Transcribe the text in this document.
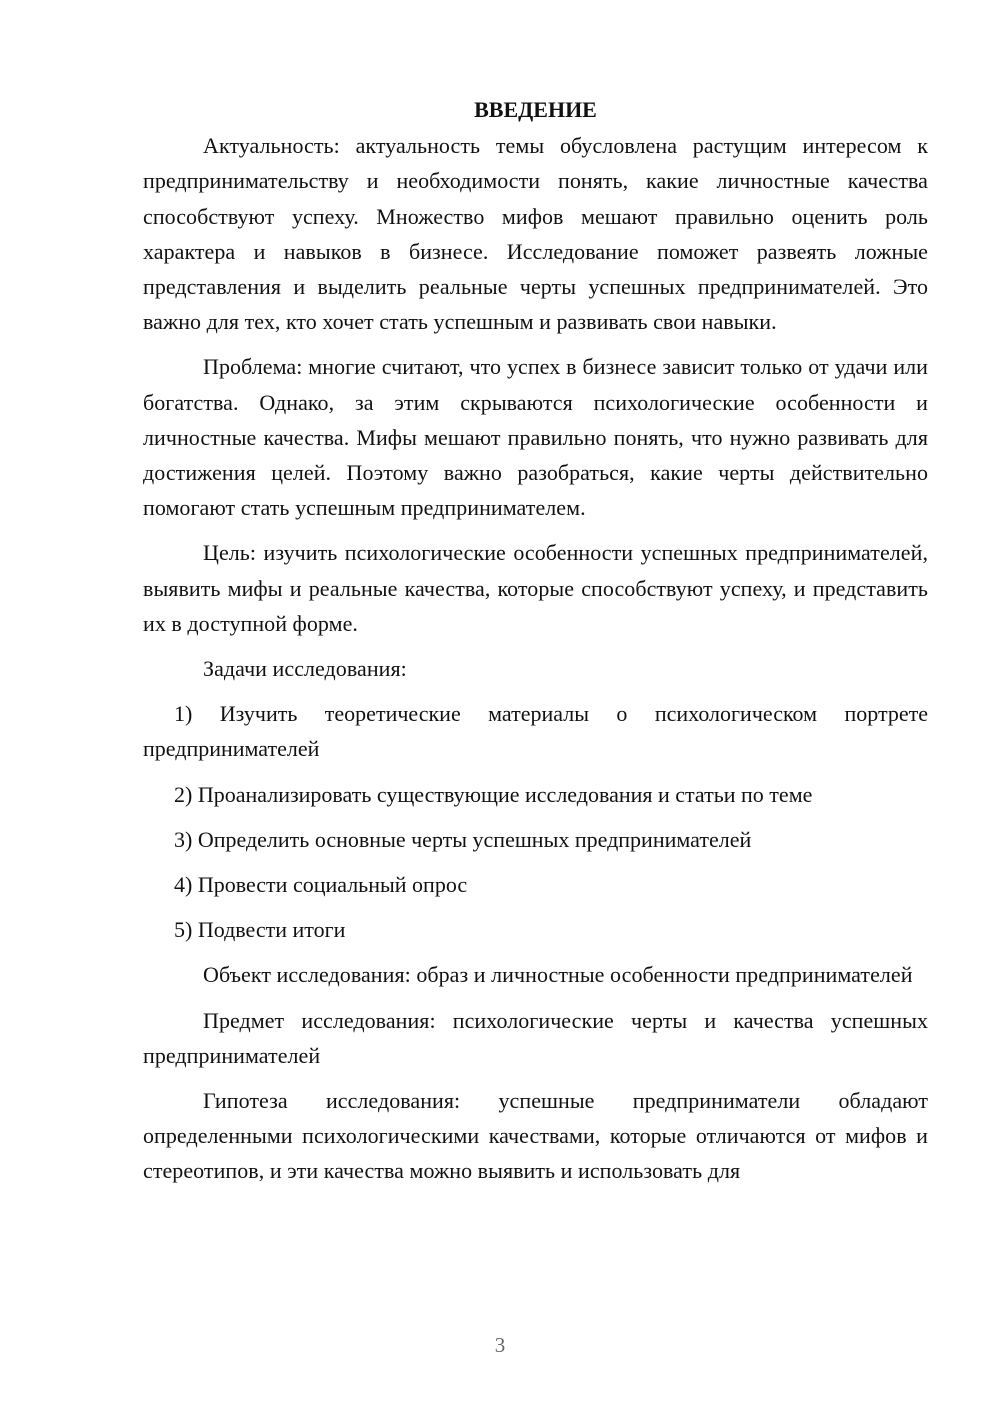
ВВЕДЕНИЕ

Актуальность: актуальность темы обусловлена растущим интересом к предпринимательству и необходимости понять, какие личностные качества способствуют успеху. Множество мифов мешают правильно оценить роль характера и навыков в бизнесе. Исследование поможет развеять ложные представления и выделить реальные черты успешных предпринимателей. Это важно для тех, кто хочет стать успешным и развивать свои навыки.

Проблема: многие считают, что успех в бизнесе зависит только от удачи или богатства. Однако, за этим скрываются психологические особенности и личностные качества. Мифы мешают правильно понять, что нужно развивать для достижения целей. Поэтому важно разобраться, какие черты действительно помогают стать успешным предпринимателем.

Цель: изучить психологические особенности успешных предпринимателей, выявить мифы и реальные качества, которые способствуют успеху, и представить их в доступной форме.

Задачи исследования:

1) Изучить теоретические материалы о психологическом портрете предпринимателей

2) Проанализировать существующие исследования и статьи по теме

3) Определить основные черты успешных предпринимателей

4) Провести социальный опрос

5) Подвести итоги

Объект исследования: образ и личностные особенности предпринимателей

Предмет исследования: психологические черты и качества успешных предпринимателей

Гипотеза исследования: успешные предприниматели обладают определенными психологическими качествами, которые отличаются от мифов и стереотипов, и эти качества можно выявить и использовать для

3
